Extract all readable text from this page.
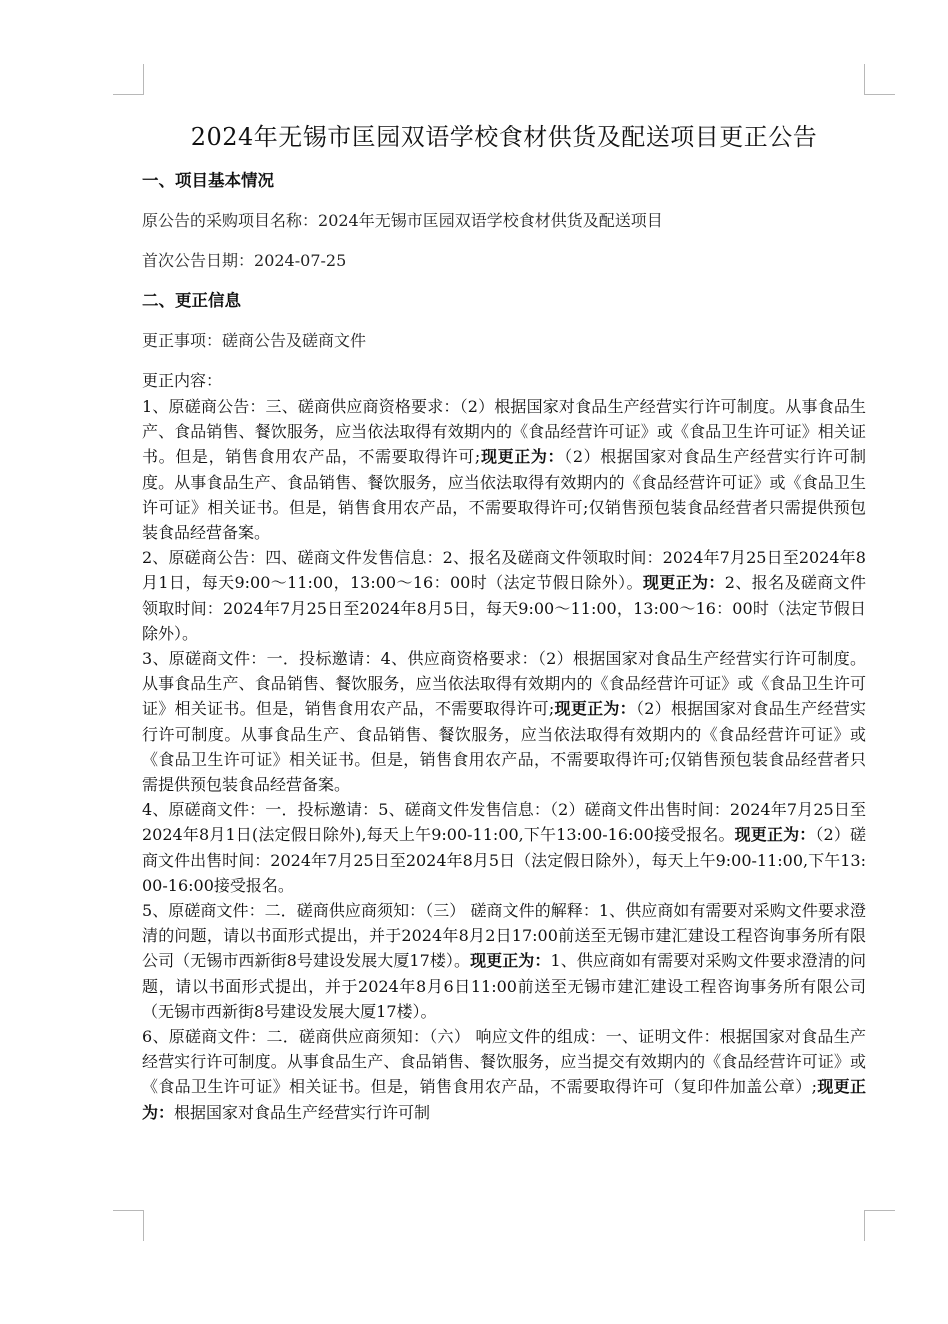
2024年无锡市匡园双语学校食材供货及配送项目更正公告
一、项目基本情况

原公告的采购项目名称：2024年无锡市匡园双语学校食材供货及配送项目

首次公告日期：2024-07-25

二、更正信息

更正事项：磋商公告及磋商文件

更正内容：

1、原磋商公告：三、磋商供应商资格要求：（2）根据国家对食品生产经营实行许可制度。从事食品生产、食品销售、餐饮服务，应当依法取得有效期内的《食品经营许可证》或《食品卫生许可证》相关证书。但是，销售食用农产品，不需要取得许可;现更正为：（2）根据国家对食品生产经营实行许可制度。从事食品生产、食品销售、餐饮服务，应当依法取得有效期内的《食品经营许可证》或《食品卫生许可证》相关证书。但是，销售食用农产品，不需要取得许可;仅销售预包装食品经营者只需提供预包装食品经营备案。

2、原磋商公告：四、磋商文件发售信息：2、报名及磋商文件领取时间：2024年7月25日至2024年8月1日，每天9:00～11:00，13:00～16：00时（法定节假日除外）。现更正为：2、报名及磋商文件领取时间：2024年7月25日至2024年8月5日，每天9:00～11:00，13:00～16：00时（法定节假日除外）。

3、原磋商文件：一．投标邀请：4、供应商资格要求：（2）根据国家对食品生产经营实行许可制度。从事食品生产、食品销售、餐饮服务，应当依法取得有效期内的《食品经营许可证》或《食品卫生许可证》相关证书。但是，销售食用农产品，不需要取得许可;现更正为：（2）根据国家对食品生产经营实行许可制度。从事食品生产、食品销售、餐饮服务，应当依法取得有效期内的《食品经营许可证》或《食品卫生许可证》相关证书。但是，销售食用农产品，不需要取得许可;仅销售预包装食品经营者只需提供预包装食品经营备案。

4、原磋商文件：一．投标邀请：5、磋商文件发售信息：（2）磋商文件出售时间：2024年7月25日至2024年8月1日(法定假日除外),每天上午9:00-11:00,下午13:00-16:00接受报名。现更正为：（2）磋商文件出售时间：2024年7月25日至2024年8月5日（法定假日除外），每天上午9:00-11:00,下午13:00-16:00接受报名。

5、原磋商文件：二．磋商供应商须知：（三） 磋商文件的解释：1、供应商如有需要对采购文件要求澄清的问题，请以书面形式提出，并于2024年8月2日17:00前送至无锡市建汇建设工程咨询事务所有限公司（无锡市西新街8号建设发展大厦17楼）。现更正为：1、供应商如有需要对采购文件要求澄清的问题，请以书面形式提出，并于2024年8月6日11:00前送至无锡市建汇建设工程咨询事务所有限公司（无锡市西新街8号建设发展大厦17楼）。

6、原磋商文件：二．磋商供应商须知：（六） 响应文件的组成：一、证明文件：根据国家对食品生产经营实行许可制度。从事食品生产、食品销售、餐饮服务，应当提交有效期内的《食品经营许可证》或《食品卫生许可证》相关证书。但是，销售食用农产品，不需要取得许可（复印件加盖公章）;现更正为：根据国家对食品生产经营实行许可制
